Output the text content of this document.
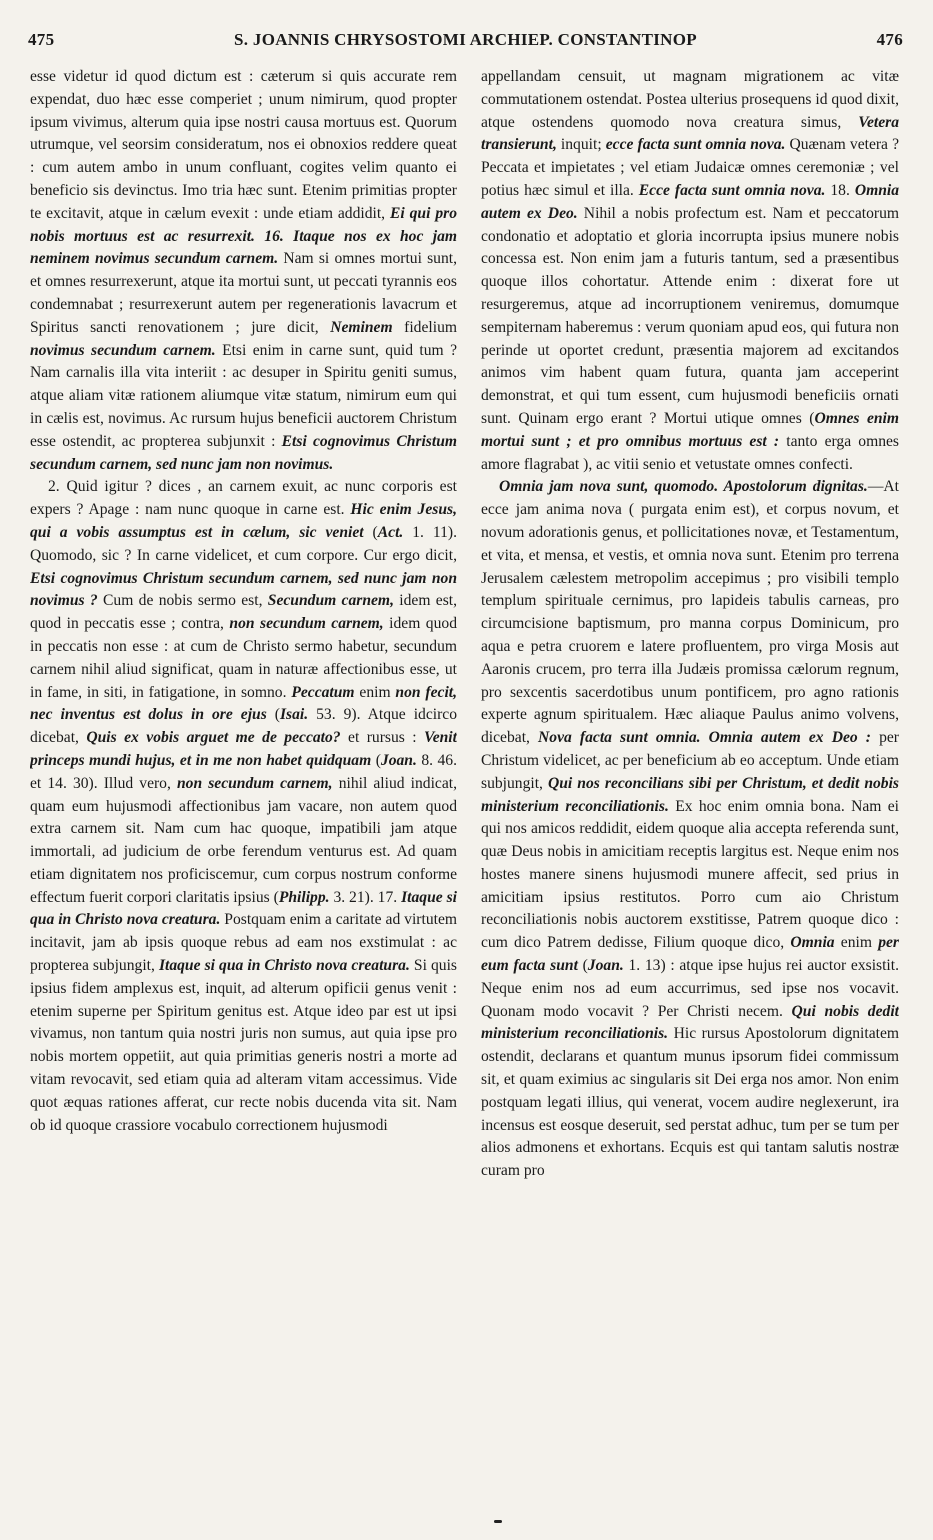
475	S. JOANNIS CHRYSOSTOMI ARCHIEP. CONSTANTINOP	476

esse videtur id quod dictum est : cæterum si quis accurate rem expendat, duo hæc esse comperiet ; unum nimirum, quod propter ipsum vivimus, alterum quia ipse nostri causa mortuus est. Quorum utrumque, vel seorsim consideratum, nos ei obnoxios reddere queat : cum autem ambo in unum confluant, cogites velim quanto ei beneficio sis devinctus. Imo tria hæc sunt. Etenim primitias propter te excitavit, atque in cælum evexit : unde etiam addidit, Ei qui pro nobis mortuus est ac resurrexit. 16. Itaque nos ex hoc jam neminem novimus secundum carnem. Nam si omnes mortui sunt, et omnes resurrexerunt, atque ita mortui sunt, ut peccati tyrannis eos condemnabat ; resurrexerunt autem per regenerationis lavacrum et Spiritus sancti renovationem ; jure dicit, Neminem fidelium novimus secundum carnem. Etsi enim in carne sunt, quid tum ? Nam carnalis illa vita interiit : ac desuper in Spiritu geniti sumus, atque aliam vitæ rationem aliumque vitæ statum, nimirum eum qui in cælis est, novimus. Ac rursum hujus beneficii auctorem Christum esse ostendit, ac propterea subjunxit : Etsi cognovimus Christum secundum carnem, sed nunc jam non novimus.

2. Quid igitur ? dices , an carnem exuit, ac nunc corporis est expers ? Apage : nam nunc quoque in carne est. Hic enim Jesus, qui a vobis assumptus est in cælum, sic veniet (Act. 1. 11). Quomodo, sic ? In carne videlicet, et cum corpore. Cur ergo dicit, Etsi cognovimus Christum secundum carnem, sed nunc jam non novimus ? Cum de nobis sermo est, Secundum carnem, idem est, quod in peccatis esse ; contra, non secundum carnem, idem quod in peccatis non esse : at cum de Christo sermo habetur, secundum carnem nihil aliud significat, quam in naturæ affectionibus esse, ut in fame, in siti, in fatigatione, in somno. Peccatum enim non fecit, nec inventus est dolus in ore ejus (Isai. 53. 9). Atque idcirco dicebat, Quis ex vobis arguet me de peccato? et rursus : Venit princeps mundi hujus, et in me non habet quidquam (Joan. 8. 46. et 14. 30). Illud vero, non secundum carnem, nihil aliud indicat, quam eum hujusmodi affectionibus jam vacare, non autem quod extra carnem sit. Nam cum hac quoque, impatibili jam atque immortali, ad judicium de orbe ferendum venturus est. Ad quam etiam dignitatem nos proficiscemur, cum corpus nostrum conforme effectum fuerit corpori claritatis ipsius (Philipp. 3. 21). 17. Itaque si qua in Christo nova creatura. Postquam enim a caritate ad virtutem incitavit, jam ab ipsis quoque rebus ad eam nos exstimulat : ac propterea subjungit, Itaque si qua in Christo nova creatura. Si quis ipsius fidem amplexus est, inquit, ad alterum opificii genus venit : etenim superne per Spiritum genitus est. Atque ideo par est ut ipsi vivamus, non tantum quia nostri juris non sumus, aut quia ipse pro nobis mortem oppetiit, aut quia primitias generis nostri a morte ad vitam revocavit, sed etiam quia ad alteram vitam accessimus. Vide quot æquas rationes afferat, cur recte nobis ducenda vita sit. Nam ob id quoque crassiore vocabulo correctionem hujusmodi

appellandam censuit, ut magnam migrationem ac vitæ commutationem ostendat. Postea ulterius prosequens id quod dixit, atque ostendens quomodo nova creatura simus, Vetera transierunt, inquit; ecce facta sunt omnia nova. Quænam vetera ? Peccata et impietates ; vel etiam Judaicæ omnes ceremoniæ ; vel potius hæc simul et illa. Ecce facta sunt omnia nova. 18. Omnia autem ex Deo. Nihil a nobis profectum est. Nam et peccatorum condonatio et adoptatio et gloria incorrupta ipsius munere nobis concessa est. Non enim jam a futuris tantum, sed a præsentibus quoque illos cohortatur. Attende enim : dixerat fore ut resurgeremus, atque ad incorruptionem veniremus, domumque sempiternam haberemus : verum quoniam apud eos, qui futura non perinde ut oportet credunt, præsentia majorem ad excitandos animos vim habent quam futura, quanta jam acceperint demonstrat, et qui tum essent, cum hujusmodi beneficiis ornati sunt. Quinam ergo erant ? Mortui utique omnes (Omnes enim mortui sunt ; et pro omnibus mortuus est : tanto erga omnes amore flagrabat ), ac vitii senio et vetustate omnes confecti.

Omnia jam nova sunt, quomodo. Apostolorum dignitas.—At ecce jam anima nova ( purgata enim est), et corpus novum, et novum adorationis genus, et pollicitationes novæ, et Testamentum, et vita, et mensa, et vestis, et omnia nova sunt. Etenim pro terrena Jerusalem cælestem metropolim accepimus ; pro visibili templo templum spirituale cernimus, pro lapideis tabulis carneas, pro circumcisione baptismum, pro manna corpus Dominicum, pro aqua e petra cruorem e latere profluentem, pro virga Mosis aut Aaronis crucem, pro terra illa Judæis promissa cælorum regnum, pro sexcentis sacerdotibus unum pontificem, pro agno rationis experte agnum spiritualem. Hæc aliaque Paulus animo volvens, dicebat, Nova facta sunt omnia. Omnia autem ex Deo : per Christum videlicet, ac per beneficium ab eo acceptum. Unde etiam subjungit, Qui nos reconcilians sibi per Christum, et dedit nobis ministerium reconciliationis. Ex hoc enim omnia bona. Nam ei qui nos amicos reddidit, eidem quoque alia accepta referenda sunt, quæ Deus nobis in amicitiam receptis largitus est. Neque enim nos hostes manere sinens hujusmodi munere affecit, sed prius in amicitiam ipsius restitutos. Porro cum aio Christum reconciliationis nobis auctorem exstitisse, Patrem quoque dico : cum dico Patrem dedisse, Filium quoque dico, Omnia enim per eum facta sunt (Joan. 1. 13) : atque ipse hujus rei auctor exsistit. Neque enim nos ad eum accurrimus, sed ipse nos vocavit. Quonam modo vocavit ? Per Christi necem. Qui nobis dedit ministerium reconciliationis. Hic rursus Apostolorum dignitatem ostendit, declarans et quantum munus ipsorum fidei commissum sit, et quam eximius ac singularis sit Dei erga nos amor. Non enim postquam legati illius, qui venerat, vocem audire neglexerunt, ira incensus est eosque deseruit, sed perstat adhuc, tum per se tum per alios admonens et exhortans. Ecquis est qui tantam salutis nostræ curam pro
